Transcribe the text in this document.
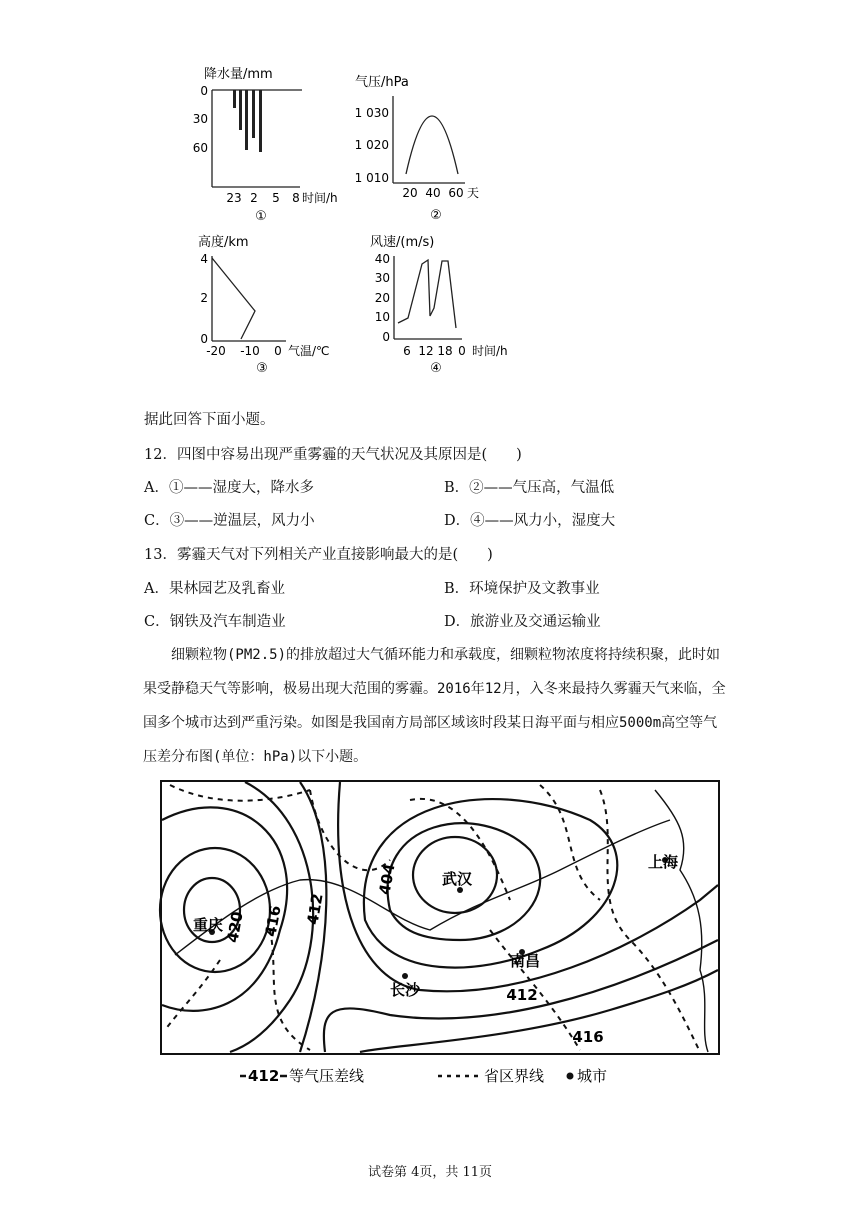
降水量/mm
0
30
60
23 2 5 8 时间/h
①
气压/hPa
1 030
1 020
1 010
20 40 60 天
②
高度/km
4
2
0
-20 -10 0 气温/℃
③
风速/(m/s)
40
30
20
10
0
6 12 18 0 时间/h
④
据此回答下面小题。
12．四图中容易出现严重雾霾的天气状况及其原因是(　　)
A．①——湿度大，降水多	B．②——气压高，气温低
C．③——逆温层，风力小	D．④——风力小，湿度大
13．雾霾天气对下列相关产业直接影响最大的是(　　)
A．果林园艺及乳畜业	B．环境保护及文教事业
C．钢铁及汽车制造业	D．旅游业及交通运输业
细颗粒物(PM2.5)的排放超过大气循环能力和承载度，细颗粒物浓度将持续积聚，此时如果受静稳天气等影响，极易出现大范围的雾霾。2016年12月，入冬来最持久雾霾天气来临，全国多个城市达到严重污染。如图是我国南方局部区域该时段某日海平面与相应5000m高空等气压差分布图(单位：hPa)以下小题。
420 416 412
404
412
416
重庆
武汉
上海
南昌
长沙
412 等气压差线	省区界线 城市
试卷第 4页，共 11页
